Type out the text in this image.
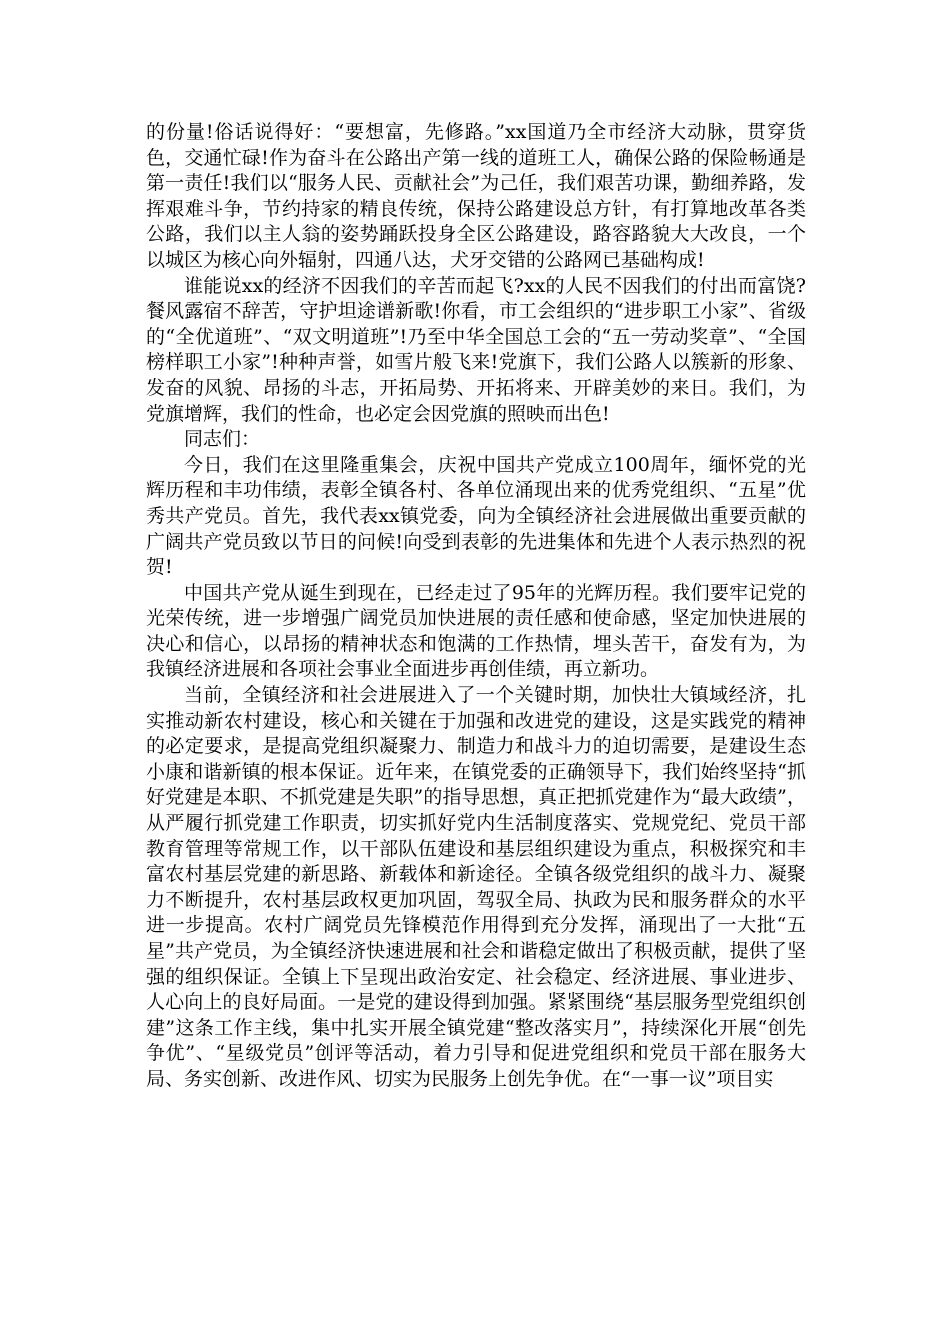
的份量!俗话说得好：“要想富，先修路。”xx国道乃全市经济大动脉，贯穿货色，交通忙碌!作为奋斗在公路出产第一线的道班工人，确保公路的保险畅通是第一责任!我们以“服务人民、贡献社会”为己任，我们艰苦功课，勤细养路，发挥艰难斗争，节约持家的精良传统，保持公路建设总方针，有打算地改革各类公路，我们以主人翁的姿势踊跃投身全区公路建设，路容路貌大大改良，一个以城区为核心向外辐射，四通八达，犬牙交错的公路网已基础构成!

谁能说xx的经济不因我们的辛苦而起飞?xx的人民不因我们的付出而富饶?餐风露宿不辞苦，守护坦途谱新歌!你看，市工会组织的“进步职工小家”、省级的“全优道班”、“双文明道班”!乃至中华全国总工会的“五一劳动奖章”、“全国榜样职工小家”!种种声誉，如雪片般飞来!党旗下，我们公路人以簇新的形象、发奋的风貌、昂扬的斗志，开拓局势、开拓将来、开辟美妙的来日。我们，为党旗增辉，我们的性命，也必定会因党旗的照映而出色!

同志们：

今日，我们在这里隆重集会，庆祝中国共产党成立100周年，缅怀党的光辉历程和丰功伟绩，表彰全镇各村、各单位涌现出来的优秀党组织、“五星”优秀共产党员。首先，我代表xx镇党委，向为全镇经济社会进展做出重要贡献的广阔共产党员致以节日的问候!向受到表彰的先进集体和先进个人表示热烈的祝贺!

中国共产党从诞生到现在，已经走过了95年的光辉历程。我们要牢记党的光荣传统，进一步增强广阔党员加快进展的责任感和使命感，坚定加快进展的决心和信心，以昂扬的精神状态和饱满的工作热情，埋头苦干，奋发有为，为我镇经济进展和各项社会事业全面进步再创佳绩，再立新功。

当前，全镇经济和社会进展进入了一个关键时期，加快壮大镇域经济，扎实推动新农村建设，核心和关键在于加强和改进党的建设，这是实践党的精神的必定要求，是提高党组织凝聚力、制造力和战斗力的迫切需要，是建设生态小康和谐新镇的根本保证。近年来，在镇党委的正确领导下，我们始终坚持“抓好党建是本职、不抓党建是失职”的指导思想，真正把抓党建作为“最大政绩”，从严履行抓党建工作职责，切实抓好党内生活制度落实、党规党纪、党员干部教育管理等常规工作，以干部队伍建设和基层组织建设为重点，积极探究和丰富农村基层党建的新思路、新载体和新途径。全镇各级党组织的战斗力、凝聚力不断提升，农村基层政权更加巩固，驾驭全局、执政为民和服务群众的水平进一步提高。农村广阔党员先锋模范作用得到充分发挥，涌现出了一大批“五星”共产党员，为全镇经济快速进展和社会和谐稳定做出了积极贡献，提供了坚强的组织保证。全镇上下呈现出政治安定、社会稳定、经济进展、事业进步、人心向上的良好局面。一是党的建设得到加强。紧紧围绕“基层服务型党组织创建”这条工作主线，集中扎实开展全镇党建“整改落实月”，持续深化开展“创先争优”、“星级党员”创评等活动，着力引导和促进党组织和党员干部在服务大局、务实创新、改进作风、切实为民服务上创先争优。在“一事一议”项目实
